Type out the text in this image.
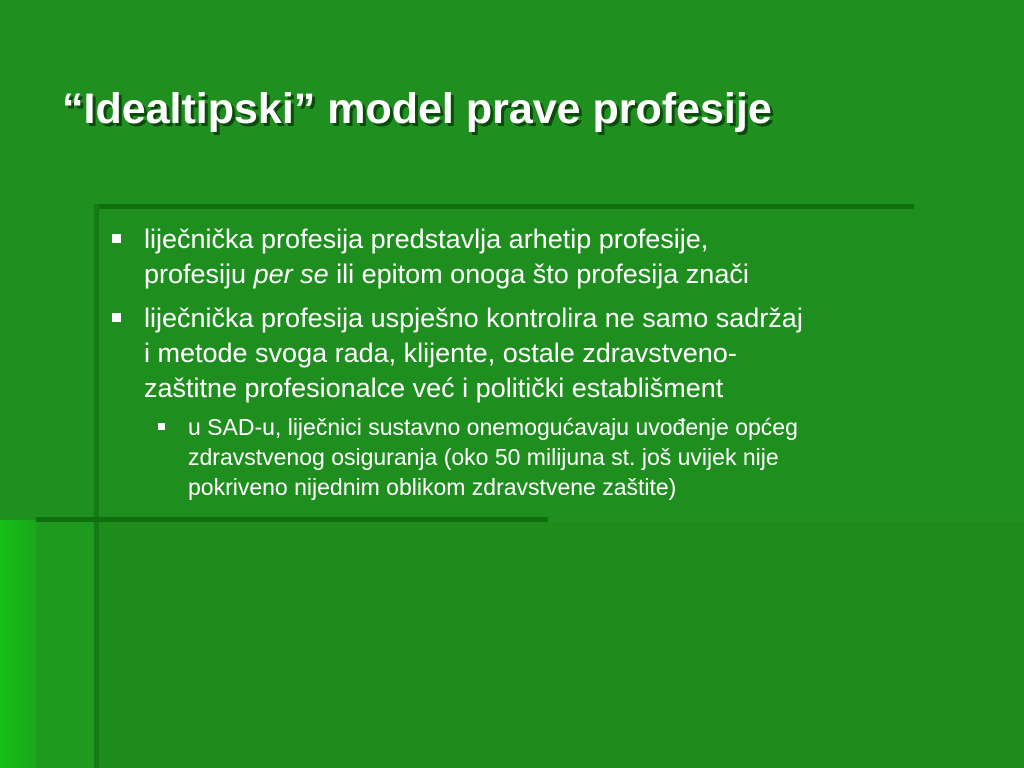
“Idealtipski” model prave profesije
liječnička profesija predstavlja arhetip profesije,
profesiju per se ili epitom onoga što profesija znači
liječnička profesija uspješno kontrolira ne samo sadržaj
i metode svoga rada, klijente, ostale zdravstveno-
zaštitne profesionalce već i politički establišment
u SAD-u, liječnici sustavno onemogućavaju uvođenje općeg
zdravstvenog osiguranja (oko 50 milijuna st. još uvijek nije
pokriveno nijednim oblikom zdravstvene zaštite)
